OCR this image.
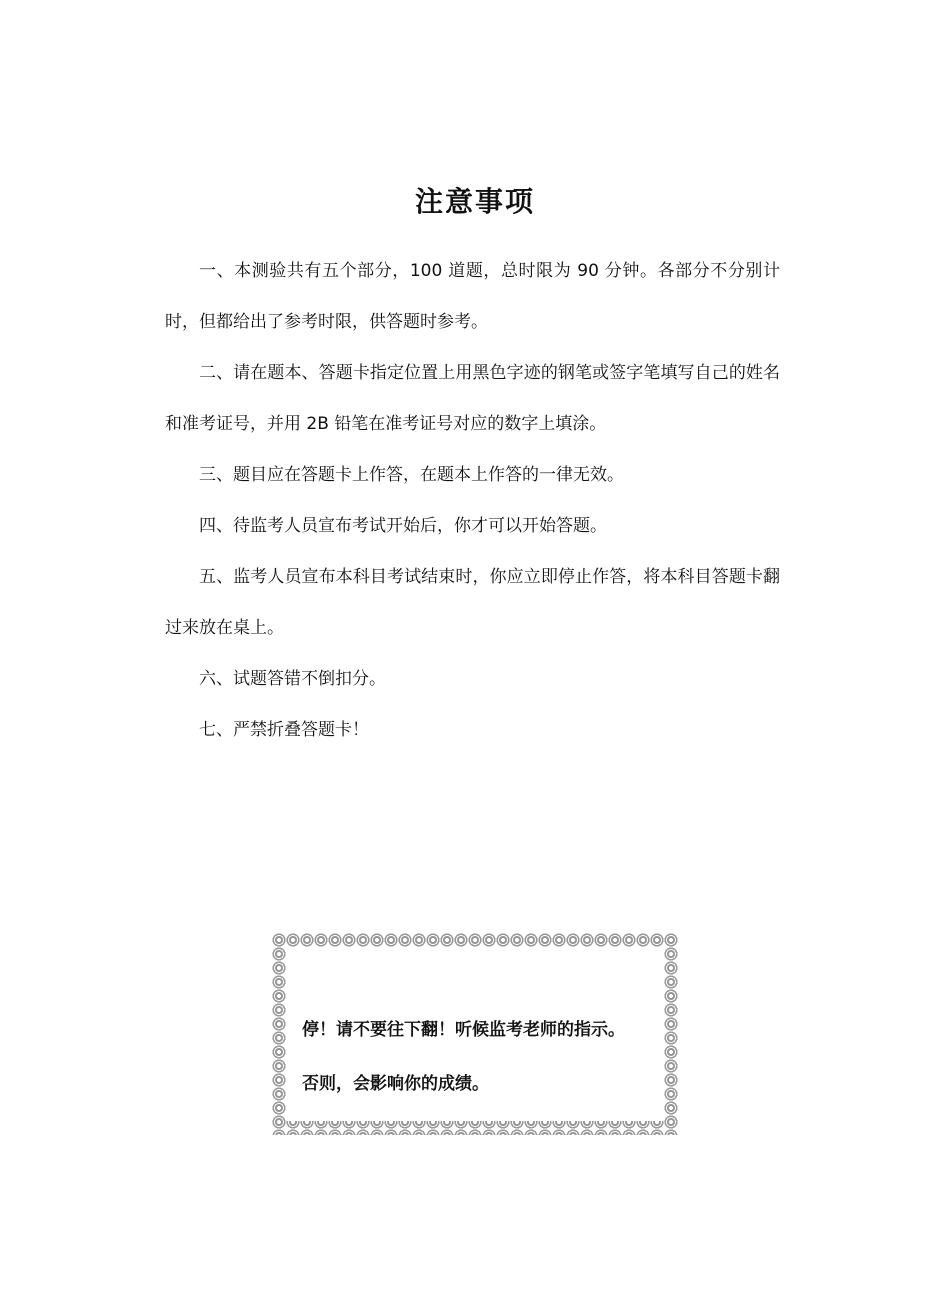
注意事项

一、本测验共有五个部分，100 道题，总时限为 90 分钟。各部分不分别计时，但都给出了参考时限，供答题时参考。

二、请在题本、答题卡指定位置上用黑色字迹的钢笔或签字笔填写自己的姓名和准考证号，并用 2B 铅笔在准考证号对应的数字上填涂。

三、题目应在答题卡上作答，在题本上作答的一律无效。

四、待监考人员宣布考试开始后，你才可以开始答题。

五、监考人员宣布本科目考试结束时，你应立即停止作答，将本科目答题卡翻过来放在桌上。

六、试题答错不倒扣分。

七、严禁折叠答题卡！

停！请不要往下翻！听候监考老师的指示。
否则，会影响你的成绩。
